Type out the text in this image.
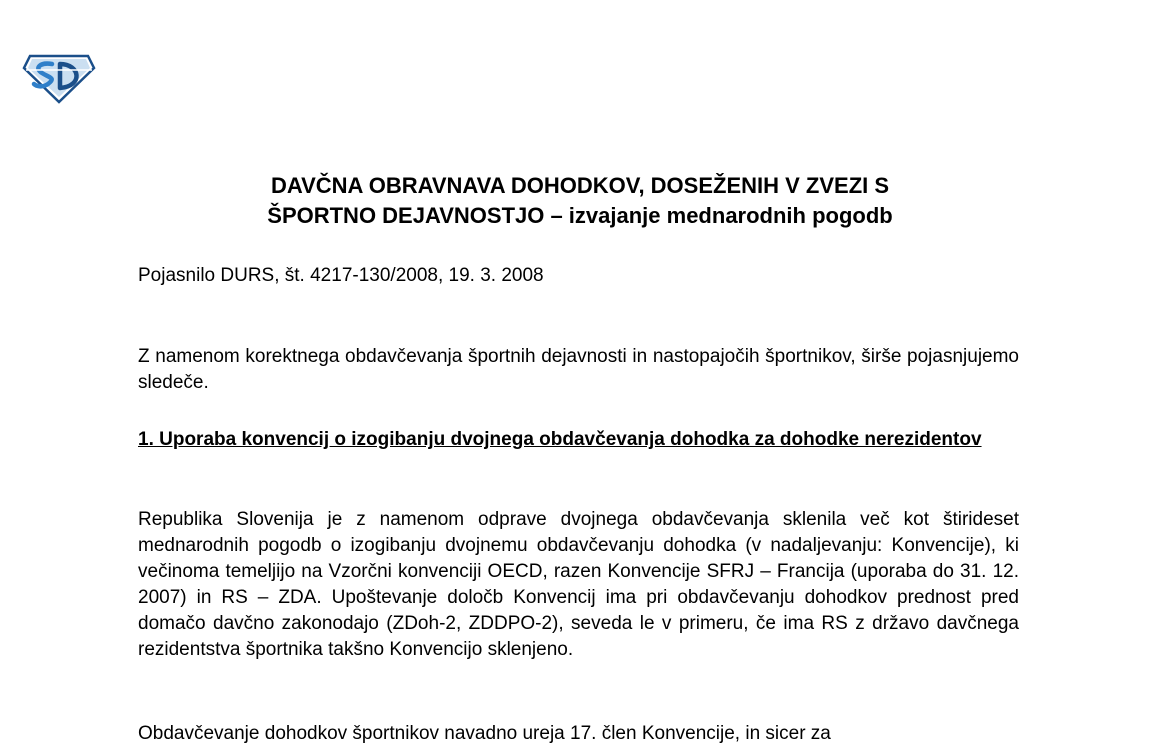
DAVČNA OBRAVNAVA DOHODKOV, DOSEŽENIH V ZVEZI S
ŠPORTNO DEJAVNOSTJO – izvajanje mednarodnih pogodb

Pojasnilo DURS, št. 4217-130/2008, 19. 3. 2008

Z namenom korektnega obdavčevanja športnih dejavnosti in nastopajočih športnikov, širše pojasnjujemo sledeče.

1. Uporaba konvencij o izogibanju dvojnega obdavčevanja dohodka za dohodke nerezidentov

Republika Slovenija je z namenom odprave dvojnega obdavčevanja sklenila več kot štirideset mednarodnih pogodb o izogibanju dvojnemu obdavčevanju dohodka (v nadaljevanju: Konvencije), ki večinoma temeljijo na Vzorčni konvenciji OECD, razen Konvencije SFRJ – Francija (uporaba do 31. 12. 2007) in RS – ZDA. Upoštevanje določb Konvencij ima pri obdavčevanju dohodkov prednost pred domačo davčno zakonodajo (ZDoh-2, ZDDPO-2), seveda le v primeru, če ima RS z državo davčnega rezidentstva športnika takšno Konvencijo sklenjeno.

Obdavčevanje dohodkov športnikov navadno ureja 17. člen Konvencije, in sicer za
